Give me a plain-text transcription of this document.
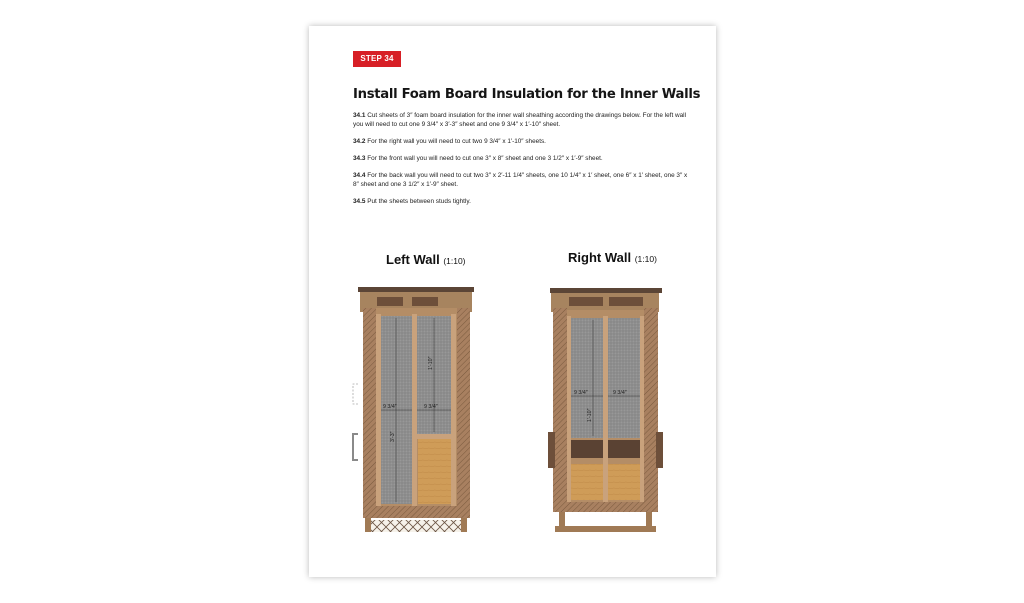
STEP 34
Install Foam Board Insulation for the Inner Walls

34.1 Cut sheets of 3″ foam board insulation for the inner wall sheathing according the drawings below. For the left wall you will need to cut one 9 3/4″ x 3′-3″ sheet and one 9 3/4″ x 1′-10″ sheet.

34.2 For the right wall you will need to cut two 9 3/4″ x 1′-10″ sheets.

34.3 For the front wall you will need to cut one 3″ x 8″ sheet and one 3 1/2″ x 1′-9″ sheet.

34.4 For the back wall you will need to cut two 3″ x 2′-11 1/4″ sheets, one 10 1/4″ x 1′ sheet, one 6″ x 1′ sheet, one 3″ x 8″ sheet and one 3 1/2″ x 1′-9″ sheet.

34.5 Put the sheets between studs tightly.

Left Wall (1:10)	Right Wall (1:10)
9 3/4″	9 3/4″
3′-3″
1′-10″
9 3/4″	9 3/4″
1′-10″
